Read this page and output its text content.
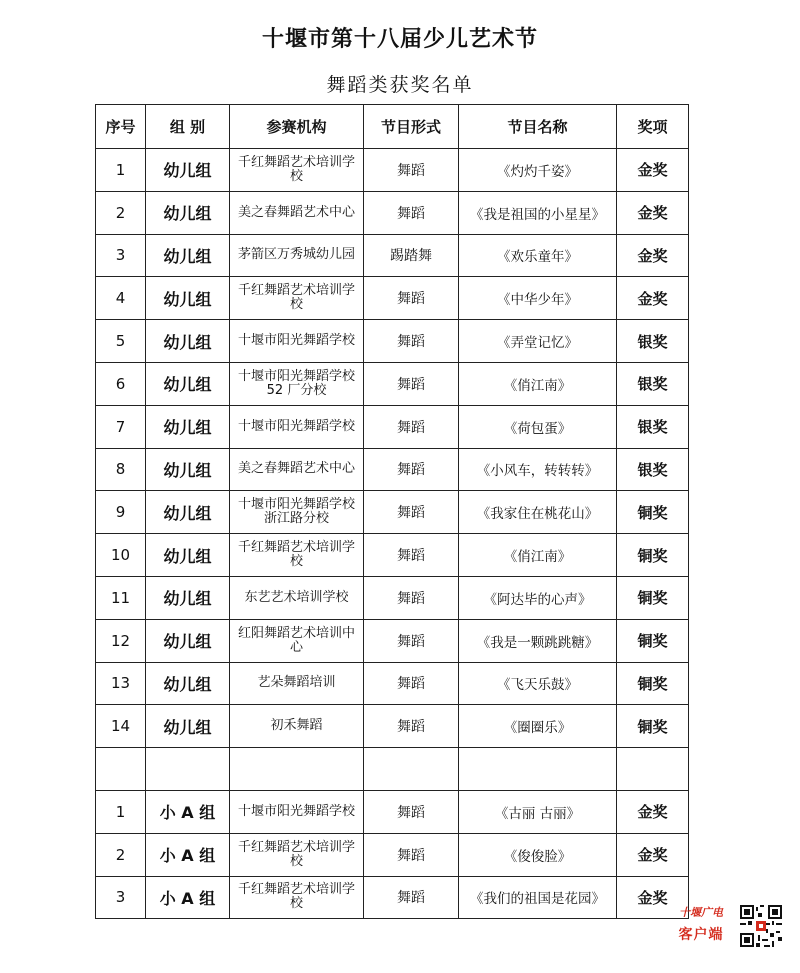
十堰市第十八届少儿艺术节
舞蹈类获奖名单
序号	组 别	参赛机构	节目形式	节目名称	奖项
1	幼儿组	千红舞蹈艺术培训学校	舞蹈	《灼灼千姿》	金奖
2	幼儿组	美之春舞蹈艺术中心	舞蹈	《我是祖国的小星星》	金奖
3	幼儿组	茅箭区万秀城幼儿园	踢踏舞	《欢乐童年》	金奖
4	幼儿组	千红舞蹈艺术培训学校	舞蹈	《中华少年》	金奖
5	幼儿组	十堰市阳光舞蹈学校	舞蹈	《弄堂记忆》	银奖
6	幼儿组	十堰市阳光舞蹈学校 52 厂分校	舞蹈	《俏江南》	银奖
7	幼儿组	十堰市阳光舞蹈学校	舞蹈	《荷包蛋》	银奖
8	幼儿组	美之春舞蹈艺术中心	舞蹈	《小风车，转转转》	银奖
9	幼儿组	十堰市阳光舞蹈学校浙江路分校	舞蹈	《我家住在桃花山》	铜奖
10	幼儿组	千红舞蹈艺术培训学校	舞蹈	《俏江南》	铜奖
11	幼儿组	东艺艺术培训学校	舞蹈	《阿达毕的心声》	铜奖
12	幼儿组	红阳舞蹈艺术培训中心	舞蹈	《我是一颗跳跳糖》	铜奖
13	幼儿组	艺朵舞蹈培训	舞蹈	《飞天乐鼓》	铜奖
14	幼儿组	初禾舞蹈	舞蹈	《圈圈乐》	铜奖

1	小 A 组	十堰市阳光舞蹈学校	舞蹈	《古丽 古丽》	金奖
2	小 A 组	千红舞蹈艺术培训学校	舞蹈	《俊俊脸》	金奖
3	小 A 组	千红舞蹈艺术培训学校	舞蹈	《我们的祖国是花园》	金奖
十堰广电
客户端
